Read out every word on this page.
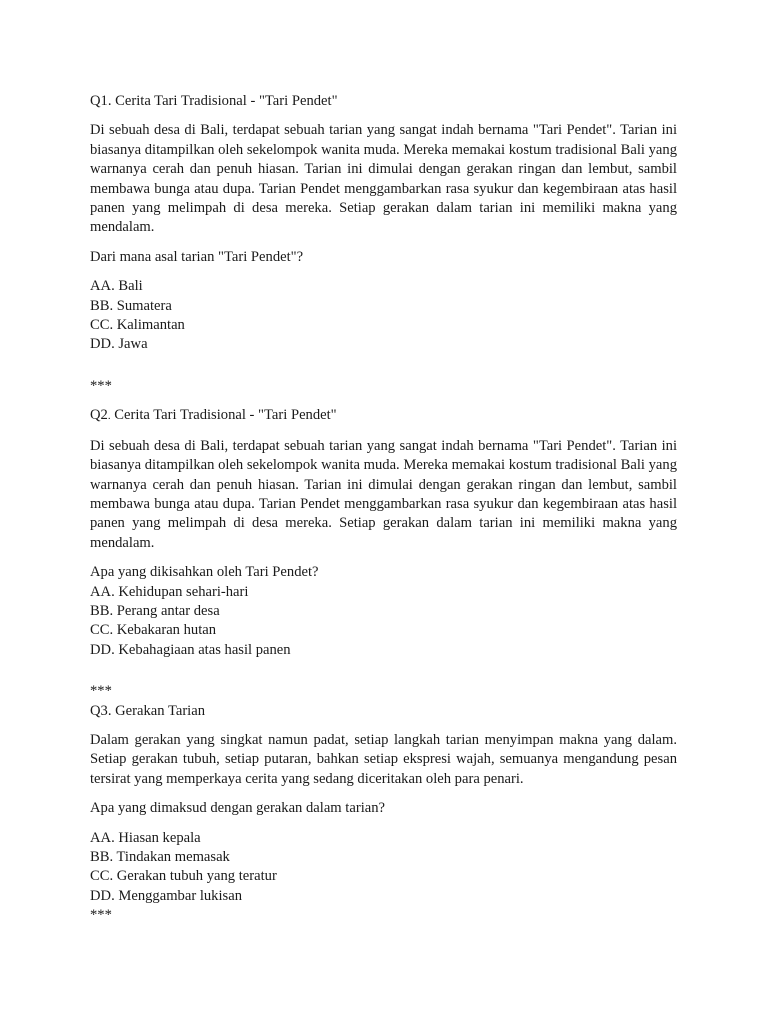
Q1. Cerita Tari Tradisional - "Tari Pendet"

Di sebuah desa di Bali, terdapat sebuah tarian yang sangat indah bernama "Tari Pendet". Tarian ini biasanya ditampilkan oleh sekelompok wanita muda. Mereka memakai kostum tradisional Bali yang warnanya cerah dan penuh hiasan. Tarian ini dimulai dengan gerakan ringan dan lembut, sambil membawa bunga atau dupa. Tarian Pendet menggambarkan rasa syukur dan kegembiraan atas hasil panen yang melimpah di desa mereka. Setiap gerakan dalam tarian ini memiliki makna yang mendalam.

Dari mana asal tarian "Tari Pendet"?

AA. Bali

BB. Sumatera

CC. Kalimantan

DD. Jawa

***

Q2. Cerita Tari Tradisional - "Tari Pendet"

Di sebuah desa di Bali, terdapat sebuah tarian yang sangat indah bernama "Tari Pendet". Tarian ini biasanya ditampilkan oleh sekelompok wanita muda. Mereka memakai kostum tradisional Bali yang warnanya cerah dan penuh hiasan. Tarian ini dimulai dengan gerakan ringan dan lembut, sambil membawa bunga atau dupa. Tarian Pendet menggambarkan rasa syukur dan kegembiraan atas hasil panen yang melimpah di desa mereka. Setiap gerakan dalam tarian ini memiliki makna yang mendalam.

Apa yang dikisahkan oleh Tari Pendet?

AA. Kehidupan sehari-hari

BB. Perang antar desa

CC. Kebakaran hutan

DD. Kebahagiaan atas hasil panen

***

Q3. Gerakan Tarian

Dalam gerakan yang singkat namun padat, setiap langkah tarian menyimpan makna yang dalam. Setiap gerakan tubuh, setiap putaran, bahkan setiap ekspresi wajah, semuanya mengandung pesan tersirat yang memperkaya cerita yang sedang diceritakan oleh para penari.

Apa yang dimaksud dengan gerakan dalam tarian?

AA. Hiasan kepala

BB. Tindakan memasak

CC. Gerakan tubuh yang teratur

DD. Menggambar lukisan

***
